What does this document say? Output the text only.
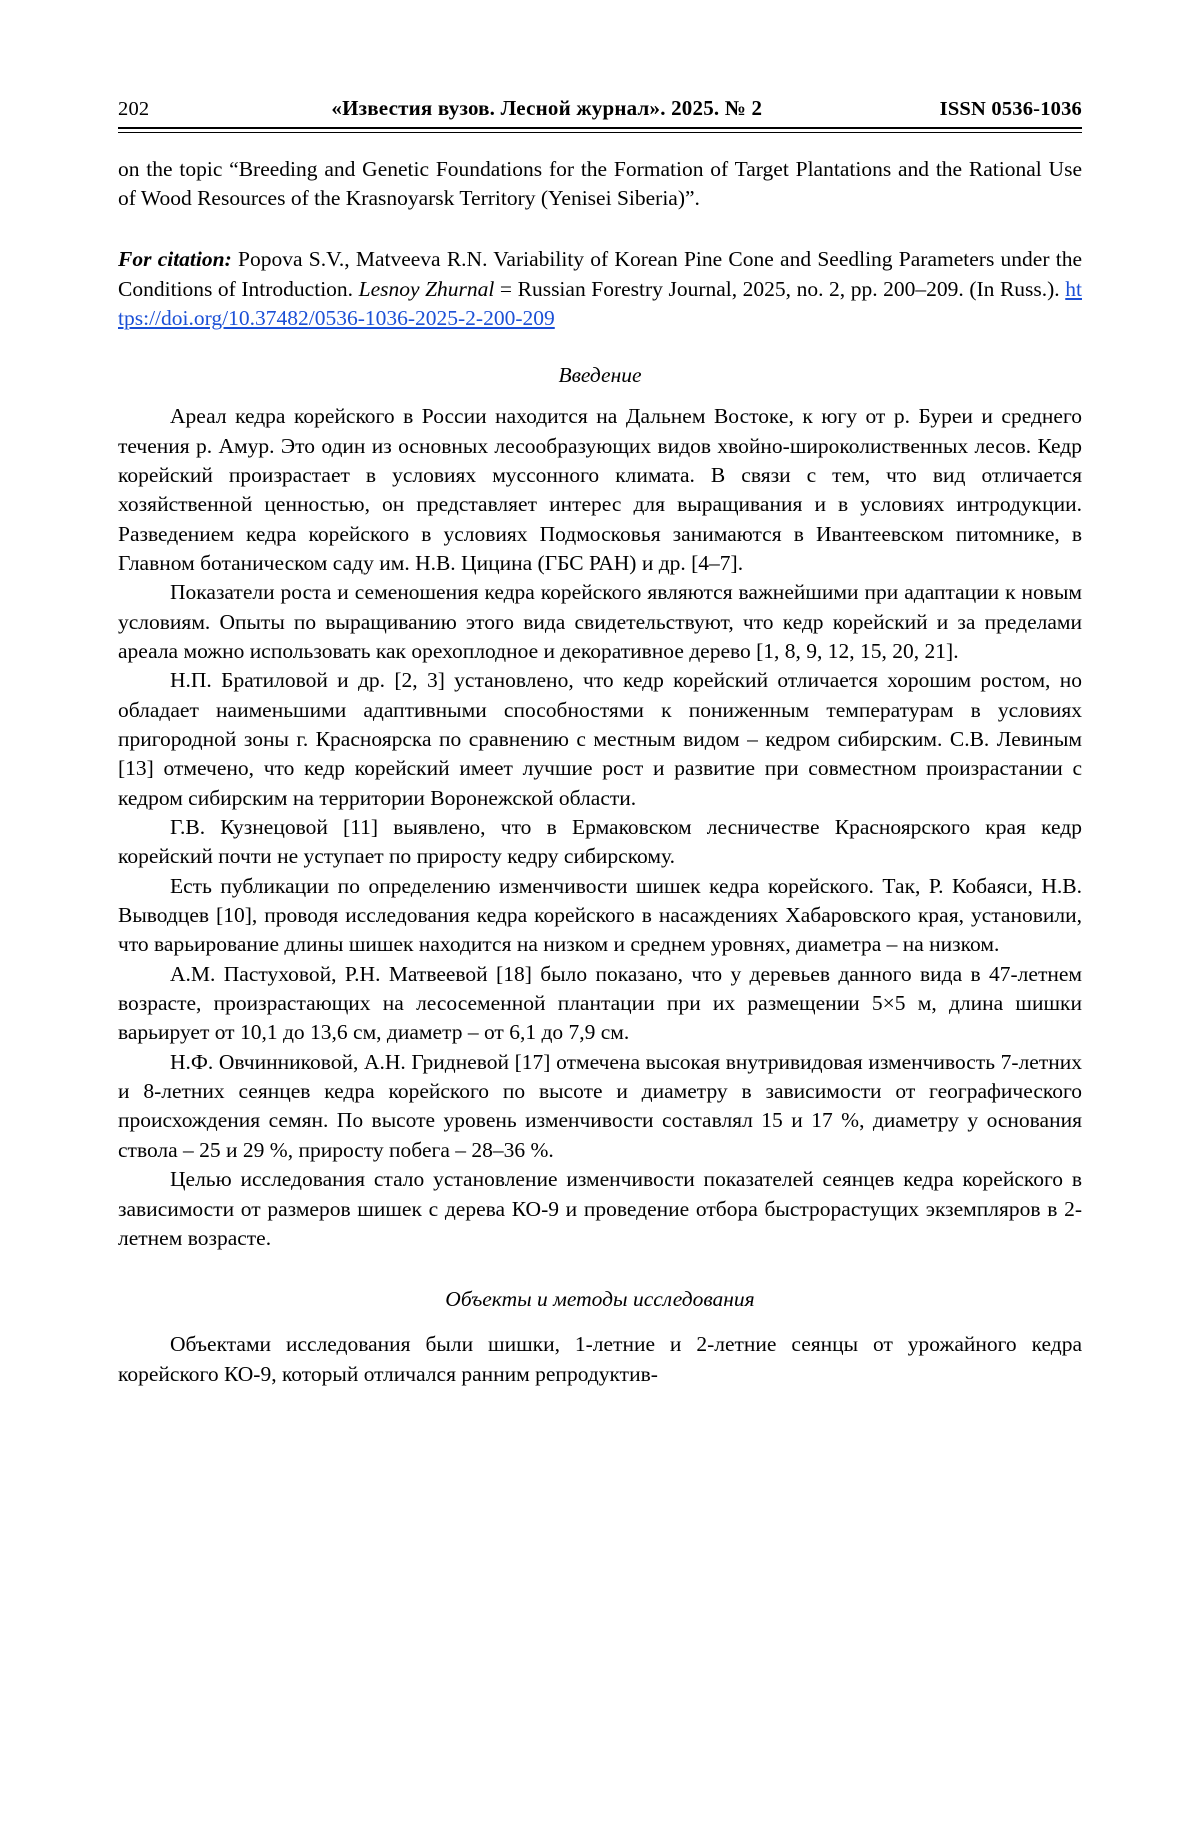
202	«Известия вузов. Лесной журнал». 2025. № 2	ISSN 0536-1036

on the topic “Breeding and Genetic Foundations for the Formation of Target Plantations and the Rational Use of Wood Resources of the Krasnoyarsk Territory (Yenisei Siberia)”.

For citation: Popova S.V., Matveeva R.N. Variability of Korean Pine Cone and Seedling Parameters under the Conditions of Introduction. Lesnoy Zhurnal = Russian Forestry Journal, 2025, no. 2, pp. 200–209. (In Russ.). https://doi.org/10.37482/0536-1036-2025-2-200-209

Введение

Ареал кедра корейского в России находится на Дальнем Востоке, к югу от р. Буреи и среднего течения р. Амур. Это один из основных лесообразующих видов хвойно-широколиственных лесов. Кедр корейский произрастает в условиях муссонного климата. В связи с тем, что вид отличается хозяйственной ценностью, он представляет интерес для выращивания и в условиях интродукции. Разведением кедра корейского в условиях Подмосковья занимаются в Ивантеевском питомнике, в Главном ботаническом саду им. Н.В. Цицина (ГБС РАН) и др. [4–7].

Показатели роста и семеношения кедра корейского являются важнейшими при адаптации к новым условиям. Опыты по выращиванию этого вида свидетельствуют, что кедр корейский и за пределами ареала можно использовать как орехоплодное и декоративное дерево [1, 8, 9, 12, 15, 20, 21].

Н.П. Братиловой и др. [2, 3] установлено, что кедр корейский отличается хорошим ростом, но обладает наименьшими адаптивными способностями к пониженным температурам в условиях пригородной зоны г. Красноярска по сравнению с местным видом – кедром сибирским. С.В. Левиным [13] отмечено, что кедр корейский имеет лучшие рост и развитие при совместном произрастании с кедром сибирским на территории Воронежской области.

Г.В. Кузнецовой [11] выявлено, что в Ермаковском лесничестве Красноярского края кедр корейский почти не уступает по приросту кедру сибирскому.

Есть публикации по определению изменчивости шишек кедра корейского. Так, Р. Кобаяси, Н.В. Выводцев [10], проводя исследования кедра корейского в насаждениях Хабаровского края, установили, что варьирование длины шишек находится на низком и среднем уровнях, диаметра – на низком.

А.М. Пастуховой, Р.Н. Матвеевой [18] было показано, что у деревьев данного вида в 47-летнем возрасте, произрастающих на лесосеменной плантации при их размещении 5×5 м, длина шишки варьирует от 10,1 до 13,6 см, диаметр – от 6,1 до 7,9 см.

Н.Ф. Овчинниковой, А.Н. Гридневой [17] отмечена высокая внутривидовая изменчивость 7-летних и 8-летних сеянцев кедра корейского по высоте и диаметру в зависимости от географического происхождения семян. По высоте уровень изменчивости составлял 15 и 17 %, диаметру у основания ствола – 25 и 29 %, приросту побега – 28–36 %.

Целью исследования стало установление изменчивости показателей сеянцев кедра корейского в зависимости от размеров шишек с дерева КО-9 и проведение отбора быстрорастущих экземпляров в 2-летнем возрасте.

Объекты и методы исследования

Объектами исследования были шишки, 1-летние и 2-летние сеянцы от урожайного кедра корейского КО-9, который отличался ранним репродуктив-
